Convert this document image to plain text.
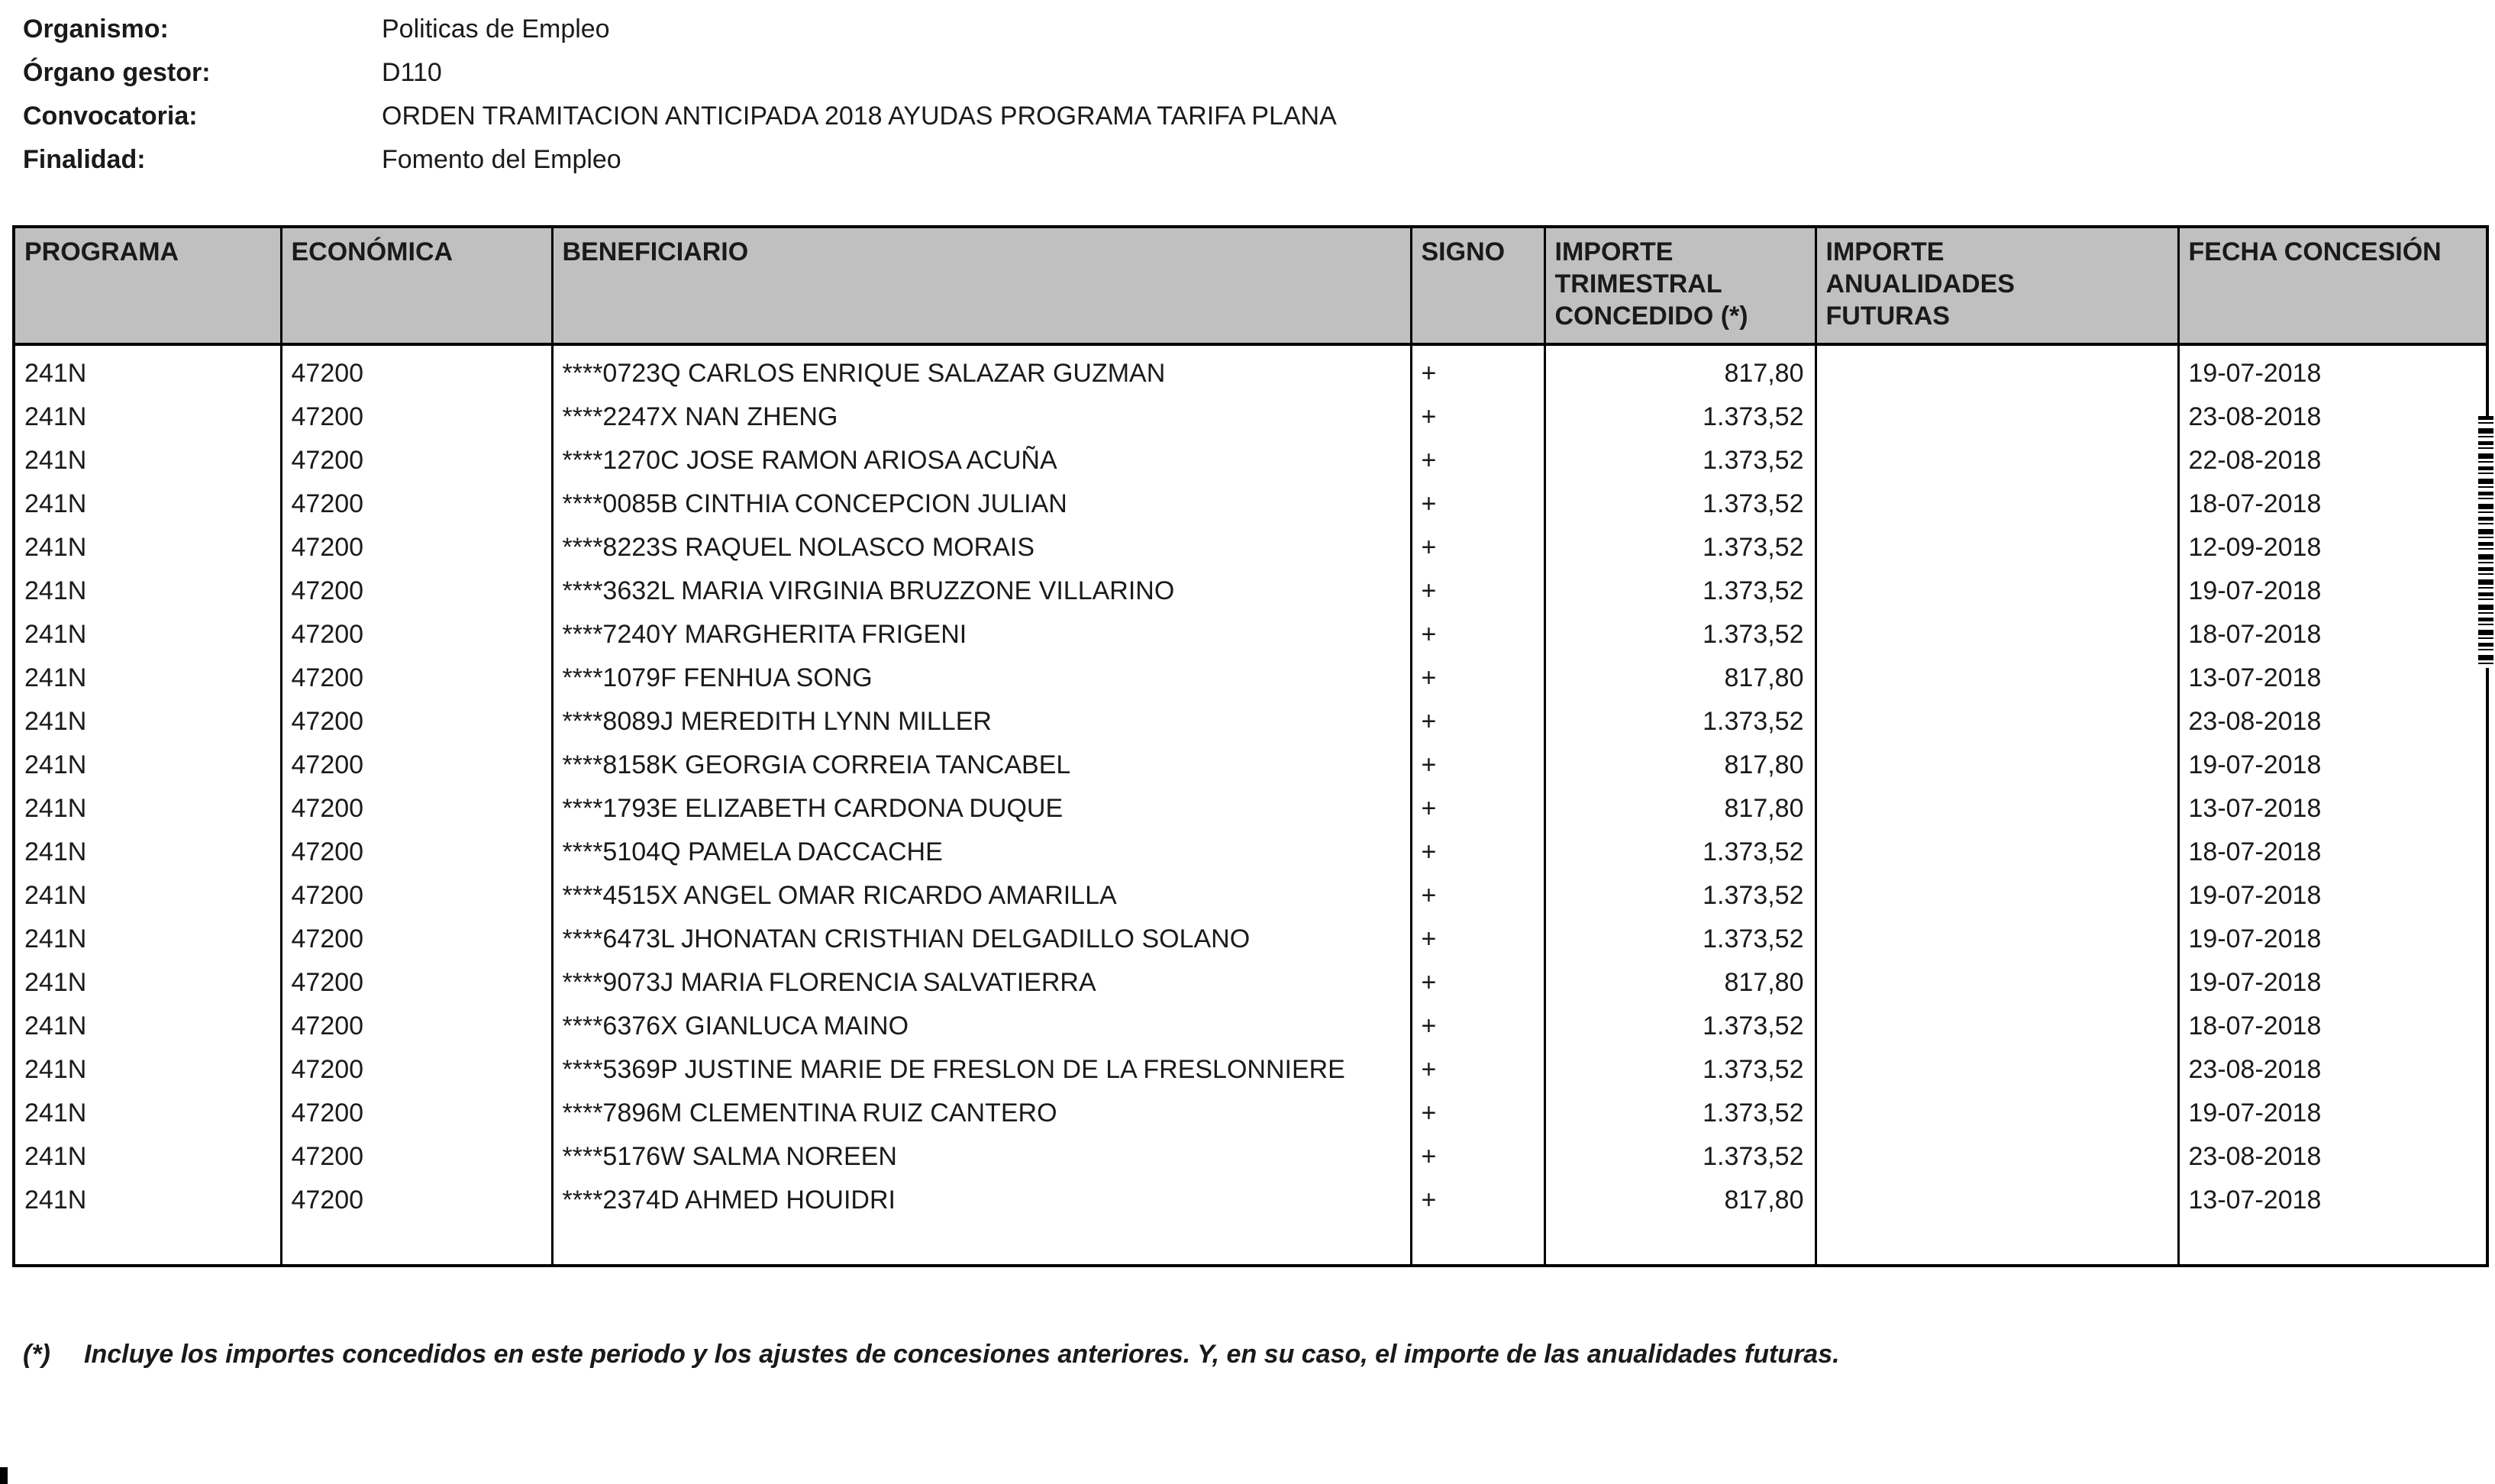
Organismo:	Politicas de Empleo
Órgano gestor:	D110
Convocatoria:	ORDEN TRAMITACION ANTICIPADA 2018 AYUDAS PROGRAMA TARIFA PLANA
Finalidad:	Fomento del Empleo
PROGRAMA	ECONÓMICA	BENEFICIARIO	SIGNO	IMPORTE TRIMESTRAL CONCEDIDO (*)	IMPORTE ANUALIDADES FUTURAS	FECHA CONCESIÓN
241N	47200	****0723Q CARLOS ENRIQUE SALAZAR GUZMAN	+	817,80		19-07-2018
241N	47200	****2247X NAN ZHENG	+	1.373,52		23-08-2018
241N	47200	****1270C JOSE RAMON ARIOSA ACUÑA	+	1.373,52		22-08-2018
241N	47200	****0085B CINTHIA CONCEPCION JULIAN	+	1.373,52		18-07-2018
241N	47200	****8223S RAQUEL NOLASCO MORAIS	+	1.373,52		12-09-2018
241N	47200	****3632L MARIA VIRGINIA BRUZZONE VILLARINO	+	1.373,52		19-07-2018
241N	47200	****7240Y MARGHERITA FRIGENI	+	1.373,52		18-07-2018
241N	47200	****1079F FENHUA SONG	+	817,80		13-07-2018
241N	47200	****8089J MEREDITH LYNN MILLER	+	1.373,52		23-08-2018
241N	47200	****8158K GEORGIA CORREIA TANCABEL	+	817,80		19-07-2018
241N	47200	****1793E ELIZABETH CARDONA DUQUE	+	817,80		13-07-2018
241N	47200	****5104Q PAMELA DACCACHE	+	1.373,52		18-07-2018
241N	47200	****4515X ANGEL OMAR RICARDO AMARILLA	+	1.373,52		19-07-2018
241N	47200	****6473L JHONATAN CRISTHIAN DELGADILLO SOLANO	+	1.373,52		19-07-2018
241N	47200	****9073J MARIA FLORENCIA SALVATIERRA	+	817,80		19-07-2018
241N	47200	****6376X GIANLUCA MAINO	+	1.373,52		18-07-2018
241N	47200	****5369P JUSTINE MARIE DE FRESLON DE LA FRESLONNIERE	+	1.373,52		23-08-2018
241N	47200	****7896M CLEMENTINA RUIZ CANTERO	+	1.373,52		19-07-2018
241N	47200	****5176W SALMA NOREEN	+	1.373,52		23-08-2018
241N	47200	****2374D AHMED HOUIDRI	+	817,80		13-07-2018
(*) Incluye los importes concedidos en este periodo y los ajustes de concesiones anteriores. Y, en su caso, el importe de las anualidades futuras.
